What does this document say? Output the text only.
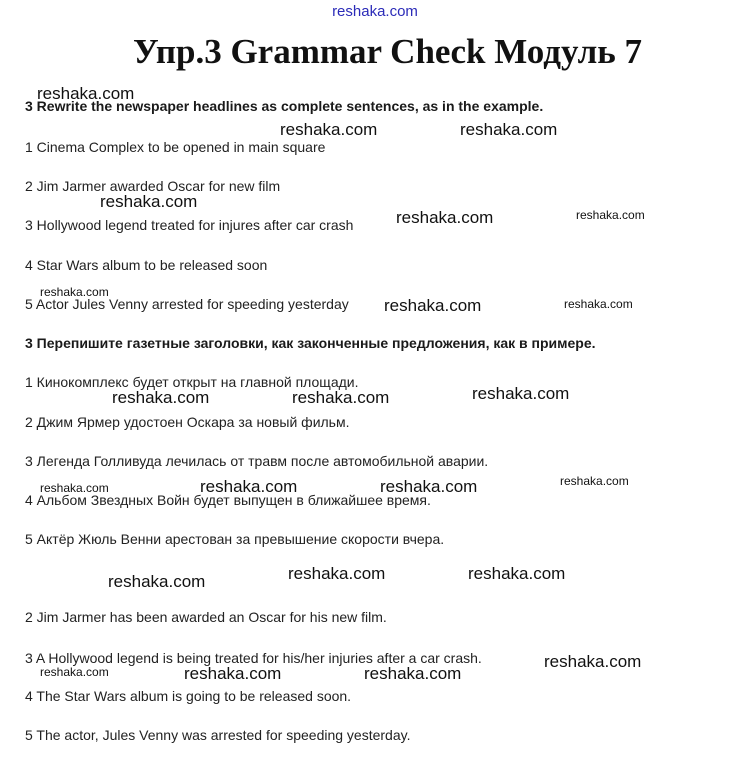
reshaka.com
Упр.3 Grammar Check Модуль 7
3 Rewrite the newspaper headlines as complete sentences, as in the example.
1 Cinema Complex to be opened in main square
2 Jim Jarmer awarded Oscar for new film
3 Hollywood legend treated for injures after car crash
4 Star Wars album to be released soon
5 Actor Jules Venny arrested for speeding yesterday
3 Перепишите газетные заголовки, как законченные предложения, как в примере.
1 Кинокомплекс будет открыт на главной площади.
2 Джим Ярмер удостоен Оскара за новый фильм.
3 Легенда Голливуда лечилась от травм после автомобильной аварии.
4 Альбом Звездных Войн будет выпущен в ближайшее время.
5 Актёр Жюль Венни арестован за превышение скорости вчера.
2 Jim Jarmer has been awarded an Oscar for his new film.
3 A Hollywood legend is being treated for his/her injuries after a car crash.
4 The Star Wars album is going to be released soon.
5 The actor, Jules Venny was arrested for speeding yesterday.
reshaka.com
reshaka.com	reshaka.com
reshaka.com
reshaka.com	reshaka.com
reshaka.com
reshaka.com	reshaka.com
reshaka.com	reshaka.com	reshaka.com
reshaka.com	reshaka.com	reshaka.com	reshaka.com
reshaka.com	reshaka.com	reshaka.com
reshaka.com
reshaka.com	reshaka.com	reshaka.com
